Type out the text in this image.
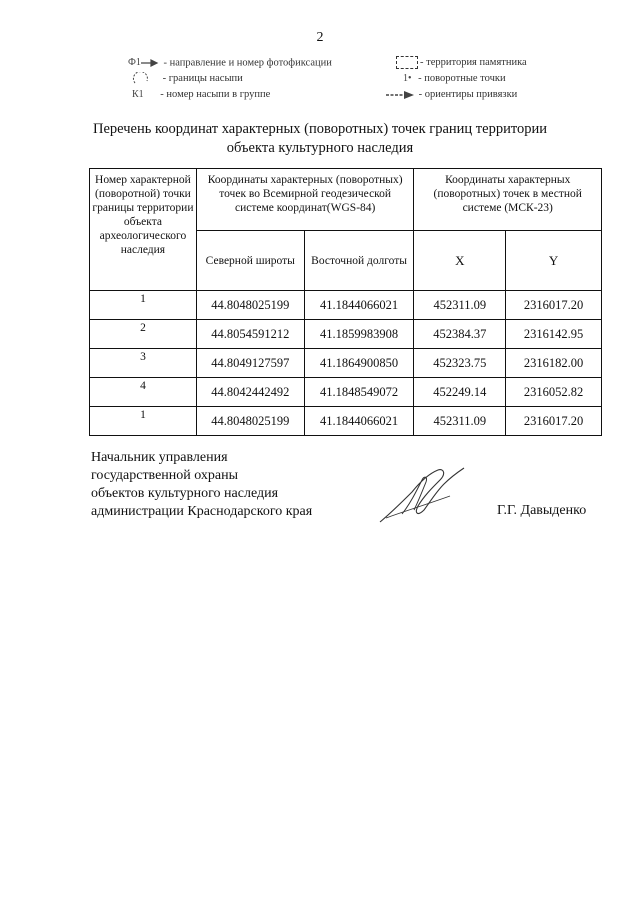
2
Ф1 - направление и номер фотофиксации	- территория памятника
- границы насыпи	1• - поворотные точки
К1 - номер насыпи в группе	- ориентиры привязки
Перечень координат характерных (поворотных) точек границ территории
объекта культурного наследия
Номер характерной (поворотной) точки границы территории объекта археологического наследия	Координаты характерных (поворотных) точек во Всемирной геодезической системе координат(WGS-84)		Координаты характерных (поворотных) точек в местной системе (МСК-23)	
	Северной широты	Восточной долготы	X	Y
1	44.8048025199	41.1844066021	452311.09	2316017.20
2	44.8054591212	41.1859983908	452384.37	2316142.95
3	44.8049127597	41.1864900850	452323.75	2316182.00
4	44.8042442492	41.1848549072	452249.14	2316052.82
1	44.8048025199	41.1844066021	452311.09	2316017.20
Начальник управления
государственной охраны
объектов культурного наследия
администрации Краснодарского края	Г.Г. Давыденко
